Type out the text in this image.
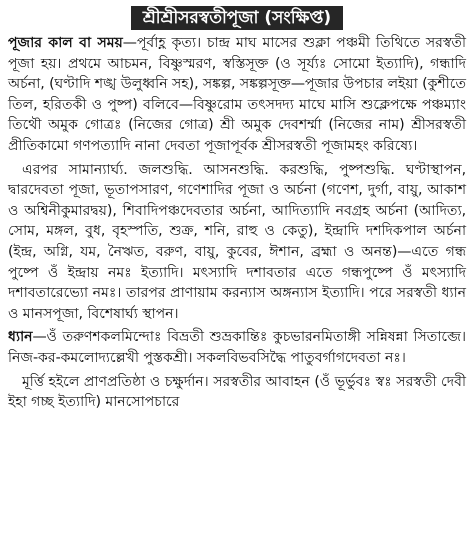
শ্রীশ্রীসরস্বতীপূজা (সংক্ষিপ্ত)

পূজার কাল বা সময়—পূর্বাহ্ণ কৃত্য। চান্দ্র মাঘ মাসের শুক্লা পঞ্চমী তিথিতে সরস্বতী পূজা হয়। প্রথমে আচমন, বিষ্ণুস্মরণ, স্বস্তিসূক্ত (ও সূর্য্যঃ সোমো ইত্যাদি), গন্ধাদি অর্চনা, (ঘণ্টাদি শঙ্খ উলুধ্বনি সহ), সঙ্কল্প, সঙ্কল্পসূক্ত—পূজার উপচার লইয়া (কুশীতে তিল, হরিতকী ও পুষ্প) বলিবে—বিষ্ণুরোম তৎসদদ্য মাঘে মাসি শুক্লেপক্ষে পঞ্চম্যাং তিথৌ অমুক গোত্রঃ (নিজের গোত্র) শ্রী অমুক দেবশর্ম্মা (নিজের নাম) শ্রীসরস্বতী প্রীতিকামো গণপত্যাদি নানা দেবতা পূজাপূর্বক শ্রীসরস্বতী পূজামহং করিষ্যে।

এরপর সামান্যার্ঘ্য. জলশুদ্ধি. আসনশুদ্ধি. করশুদ্ধি, পুষ্পশুদ্ধি. ঘণ্টাস্থাপন, দ্বারদেবতা পূজা, ভূতাপসারণ, গণেশাদির পূজা ও অর্চনা (গণেশ, দুর্গা, বায়ু, আকাশ ও অশ্বিনীকুমারদ্বয়), শিবাদিপঞ্চদেবতার অর্চনা, আদিত্যাদি নবগ্রহ অর্চনা (আদিত্য, সোম, মঙ্গল, বুধ, বৃহস্পতি, শুক্র, শনি, রাহু ও কেতু), ইন্দ্রাদি দশদিকপাল অর্চনা (ইন্দ্র, অগ্নি, যম, নৈঋত, বরুণ, বায়ু, কুবের, ঈশান, ব্রহ্মা ও অনন্ত)—এতে গন্ধ পুষ্পে ওঁ ইন্দ্রায় নমঃ ইত্যাদি। মৎস্যাদি দশাবতার এতে গন্ধপুষ্পে ওঁ মৎস্যাদি দশাবতারেভ্যো নমঃ। তারপর প্রাণায়াম করন্যাস অঙ্গন্যাস ইত্যাদি। পরে সরস্বতী ধ্যান ও মানসপূজা, বিশেষার্ঘ্য স্থাপন।

ধ্যান—ওঁ তরুণশকলমিন্দোঃ বিভ্রতী শুভ্রকান্তিঃ কুচভারনমিতাঙ্গী সন্নিষন্না সিতাব্জে। নিজ-কর-কমলোদ্যল্লেখী পুস্তকশ্রী। সকলবিভবসিদ্ধৈ পাতুবর্গাগদেবতা নঃ।

মূর্ত্তি হইলে প্রাণপ্রতিষ্ঠা ও চক্ষুর্দান। সরস্বতীর আবাহন (ওঁ ভূর্ভুবঃ স্বঃ সরস্বতী দেবী ইহা গচ্ছ ইত্যাদি) মানসোপচারে
